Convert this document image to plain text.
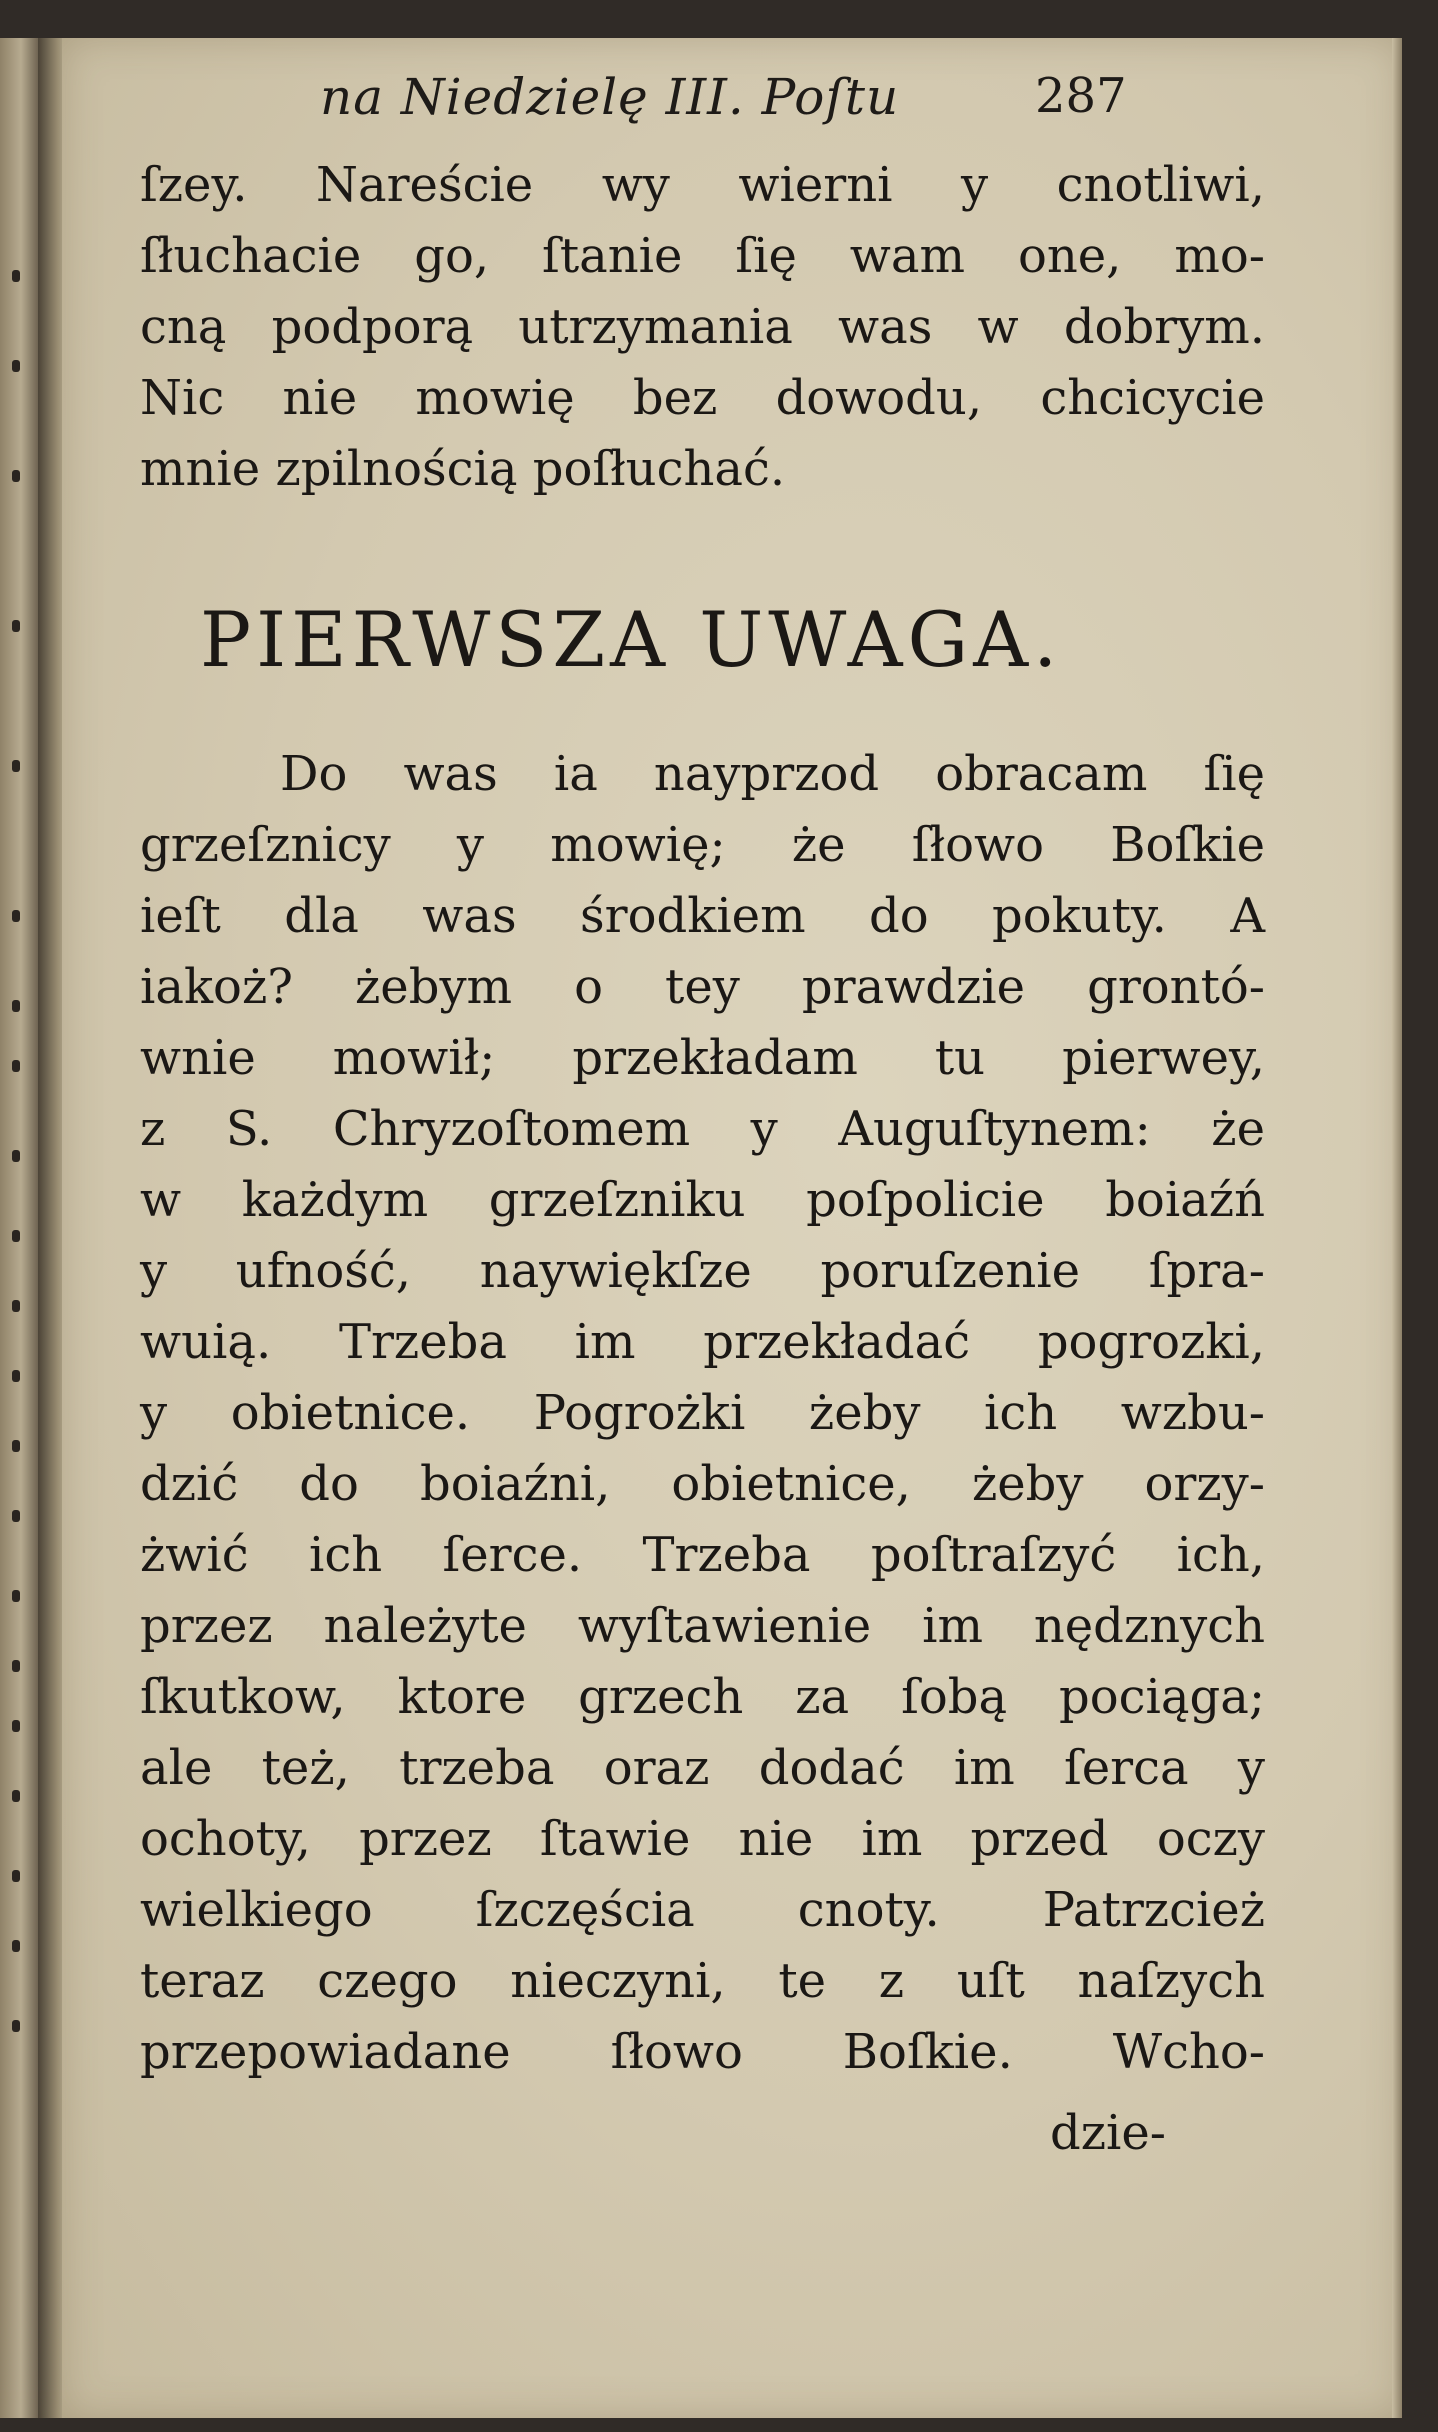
na Niedzielę III. Poſtu	287
ſzey. Nareście wy wierni y cnotliwi,
ſłuchacie go, ſtanie ſię wam one, mo-
cną podporą utrzymania was w dobrym.
Nic nie mowię bez dowodu, chcicycie
mnie zpilnością poſłuchać.
PIERWSZA UWAGA.
Do was ia nayprzod obracam ſię
grzeſznicy y mowię; że ſłowo Boſkie
ieſt dla was środkiem do pokuty. A
iakoż? żebym o tey prawdzie grontó-
wnie mowił; przekładam tu pierwey,
z S. Chryzoſtomem y Auguſtynem: że
w każdym grzeſzniku poſpolicie boiaźń
y ufność, naywiękſze poruſzenie ſpra-
wuią. Trzeba im przekładać pogrozki,
y obietnice. Pogrożki żeby ich wzbu-
dzić do boiaźni, obietnice, żeby orzy-
żwić ich ſerce. Trzeba poſtraſzyć ich,
przez należyte wyſtawienie im nędznych
ſkutkow, ktore grzech za ſobą pociąga;
ale też, trzeba oraz dodać im ſerca y
ochoty, przez ſtawie nie im przed oczy
wielkiego ſzczęścia cnoty. Patrzcież
teraz czego nieczyni, te z uſt naſzych
przepowiadane ſłowo Boſkie. Wcho-
dzie-
